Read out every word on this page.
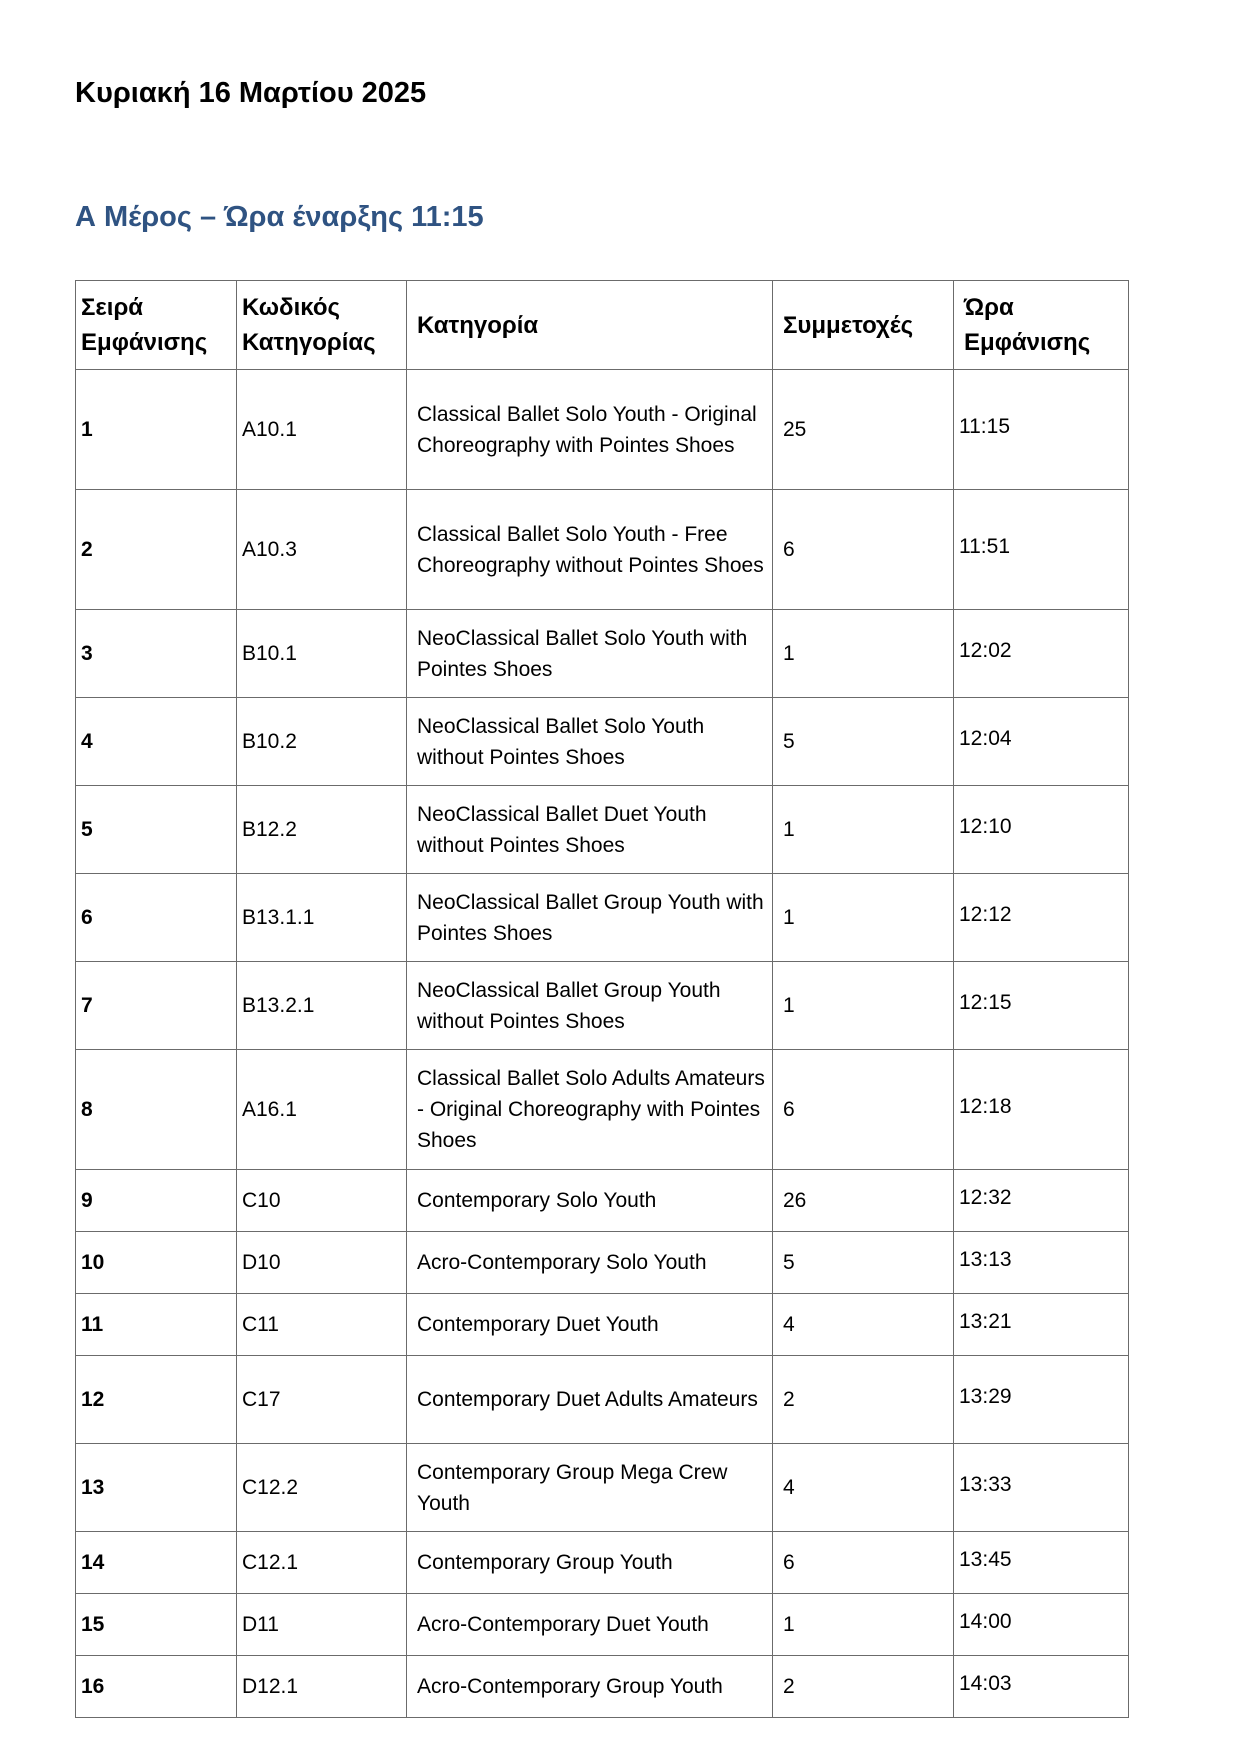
Κυριακή 16 Μαρτίου 2025
Α Μέρος – Ώρα έναρξης 11:15
Σειρά Εμφάνισης	Κωδικός Κατηγορίας	Κατηγορία	Συμμετοχές	Ώρα Εμφάνισης
1	A10.1	Classical Ballet Solo Youth - Original Choreography with Pointes Shoes	25	11:15
2	A10.3	Classical Ballet Solo Youth - Free Choreography without Pointes Shoes	6	11:51
3	B10.1	NeoClassical Ballet Solo Youth with Pointes Shoes	1	12:02
4	B10.2	NeoClassical Ballet Solo Youth without Pointes Shoes	5	12:04
5	B12.2	NeoClassical Ballet Duet Youth without Pointes Shoes	1	12:10
6	B13.1.1	NeoClassical Ballet Group Youth with Pointes Shoes	1	12:12
7	B13.2.1	NeoClassical Ballet Group Youth without Pointes Shoes	1	12:15
8	A16.1	Classical Ballet Solo Adults Amateurs - Original Choreography with Pointes Shoes	6	12:18
9	C10	Contemporary Solo Youth	26	12:32
10	D10	Acro-Contemporary Solo Youth	5	13:13
11	C11	Contemporary Duet Youth	4	13:21
12	C17	Contemporary Duet Adults Amateurs	2	13:29
13	C12.2	Contemporary Group Mega Crew Youth	4	13:33
14	C12.1	Contemporary Group Youth	6	13:45
15	D11	Acro-Contemporary Duet Youth	1	14:00
16	D12.1	Acro-Contemporary Group Youth	2	14:03
